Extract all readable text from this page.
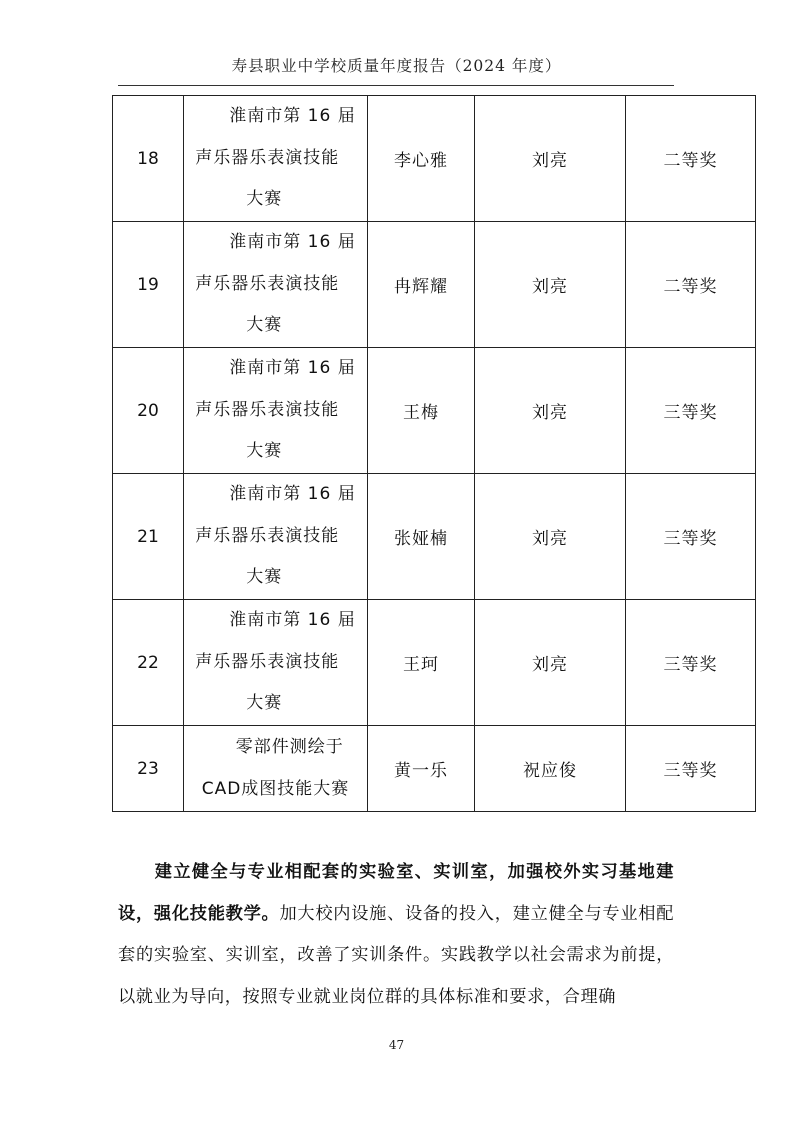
寿县职业中学校质量年度报告（2024 年度）
18	淮南市第 16 届
声乐器乐表演技能
大赛	李心雅	刘亮	二等奖
19	淮南市第 16 届
声乐器乐表演技能
大赛	冉辉耀	刘亮	二等奖
20	淮南市第 16 届
声乐器乐表演技能
大赛	王梅	刘亮	三等奖
21	淮南市第 16 届
声乐器乐表演技能
大赛	张娅楠	刘亮	三等奖
22	淮南市第 16 届
声乐器乐表演技能
大赛	王珂	刘亮	三等奖
23	零部件测绘于
CAD成图技能大赛	黄一乐	祝应俊	三等奖
建立健全与专业相配套的实验室、实训室，加强校外实习基地建设，强化技能教学。加大校内设施、设备的投入，建立健全与专业相配套的实验室、实训室，改善了实训条件。实践教学以社会需求为前提，以就业为导向，按照专业就业岗位群的具体标准和要求，合理确
47
